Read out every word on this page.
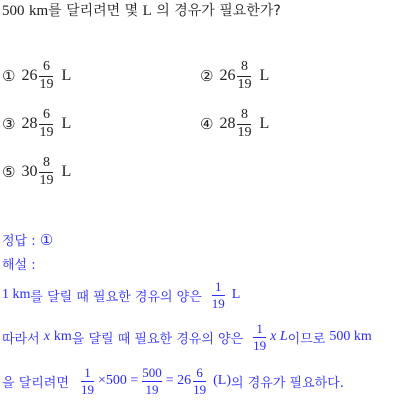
500 km를 달리려면 몇 L 의 경유가 필요한가?
① $26 \frac{6}{19}$ L	② $26 \frac{8}{19}$ L
③ $28 \frac{6}{19}$ L	④ $28 \frac{8}{19}$ L
⑤ $30 \frac{8}{19}$ L
정답 : ①
해설 :
1 km 를 달릴 때 필요한 경유의 양은 $\frac{1}{19}$ L
따라서 x km 을 달릴 때 필요한 경유의 양은 $\frac{1}{19}$ x L 이므로 500 km
을 달리려면 $\frac{1}{19} \times 500 = \frac{500}{19} = 26 \frac{6}{19} (L)$ 의 경유가 필요하다.
